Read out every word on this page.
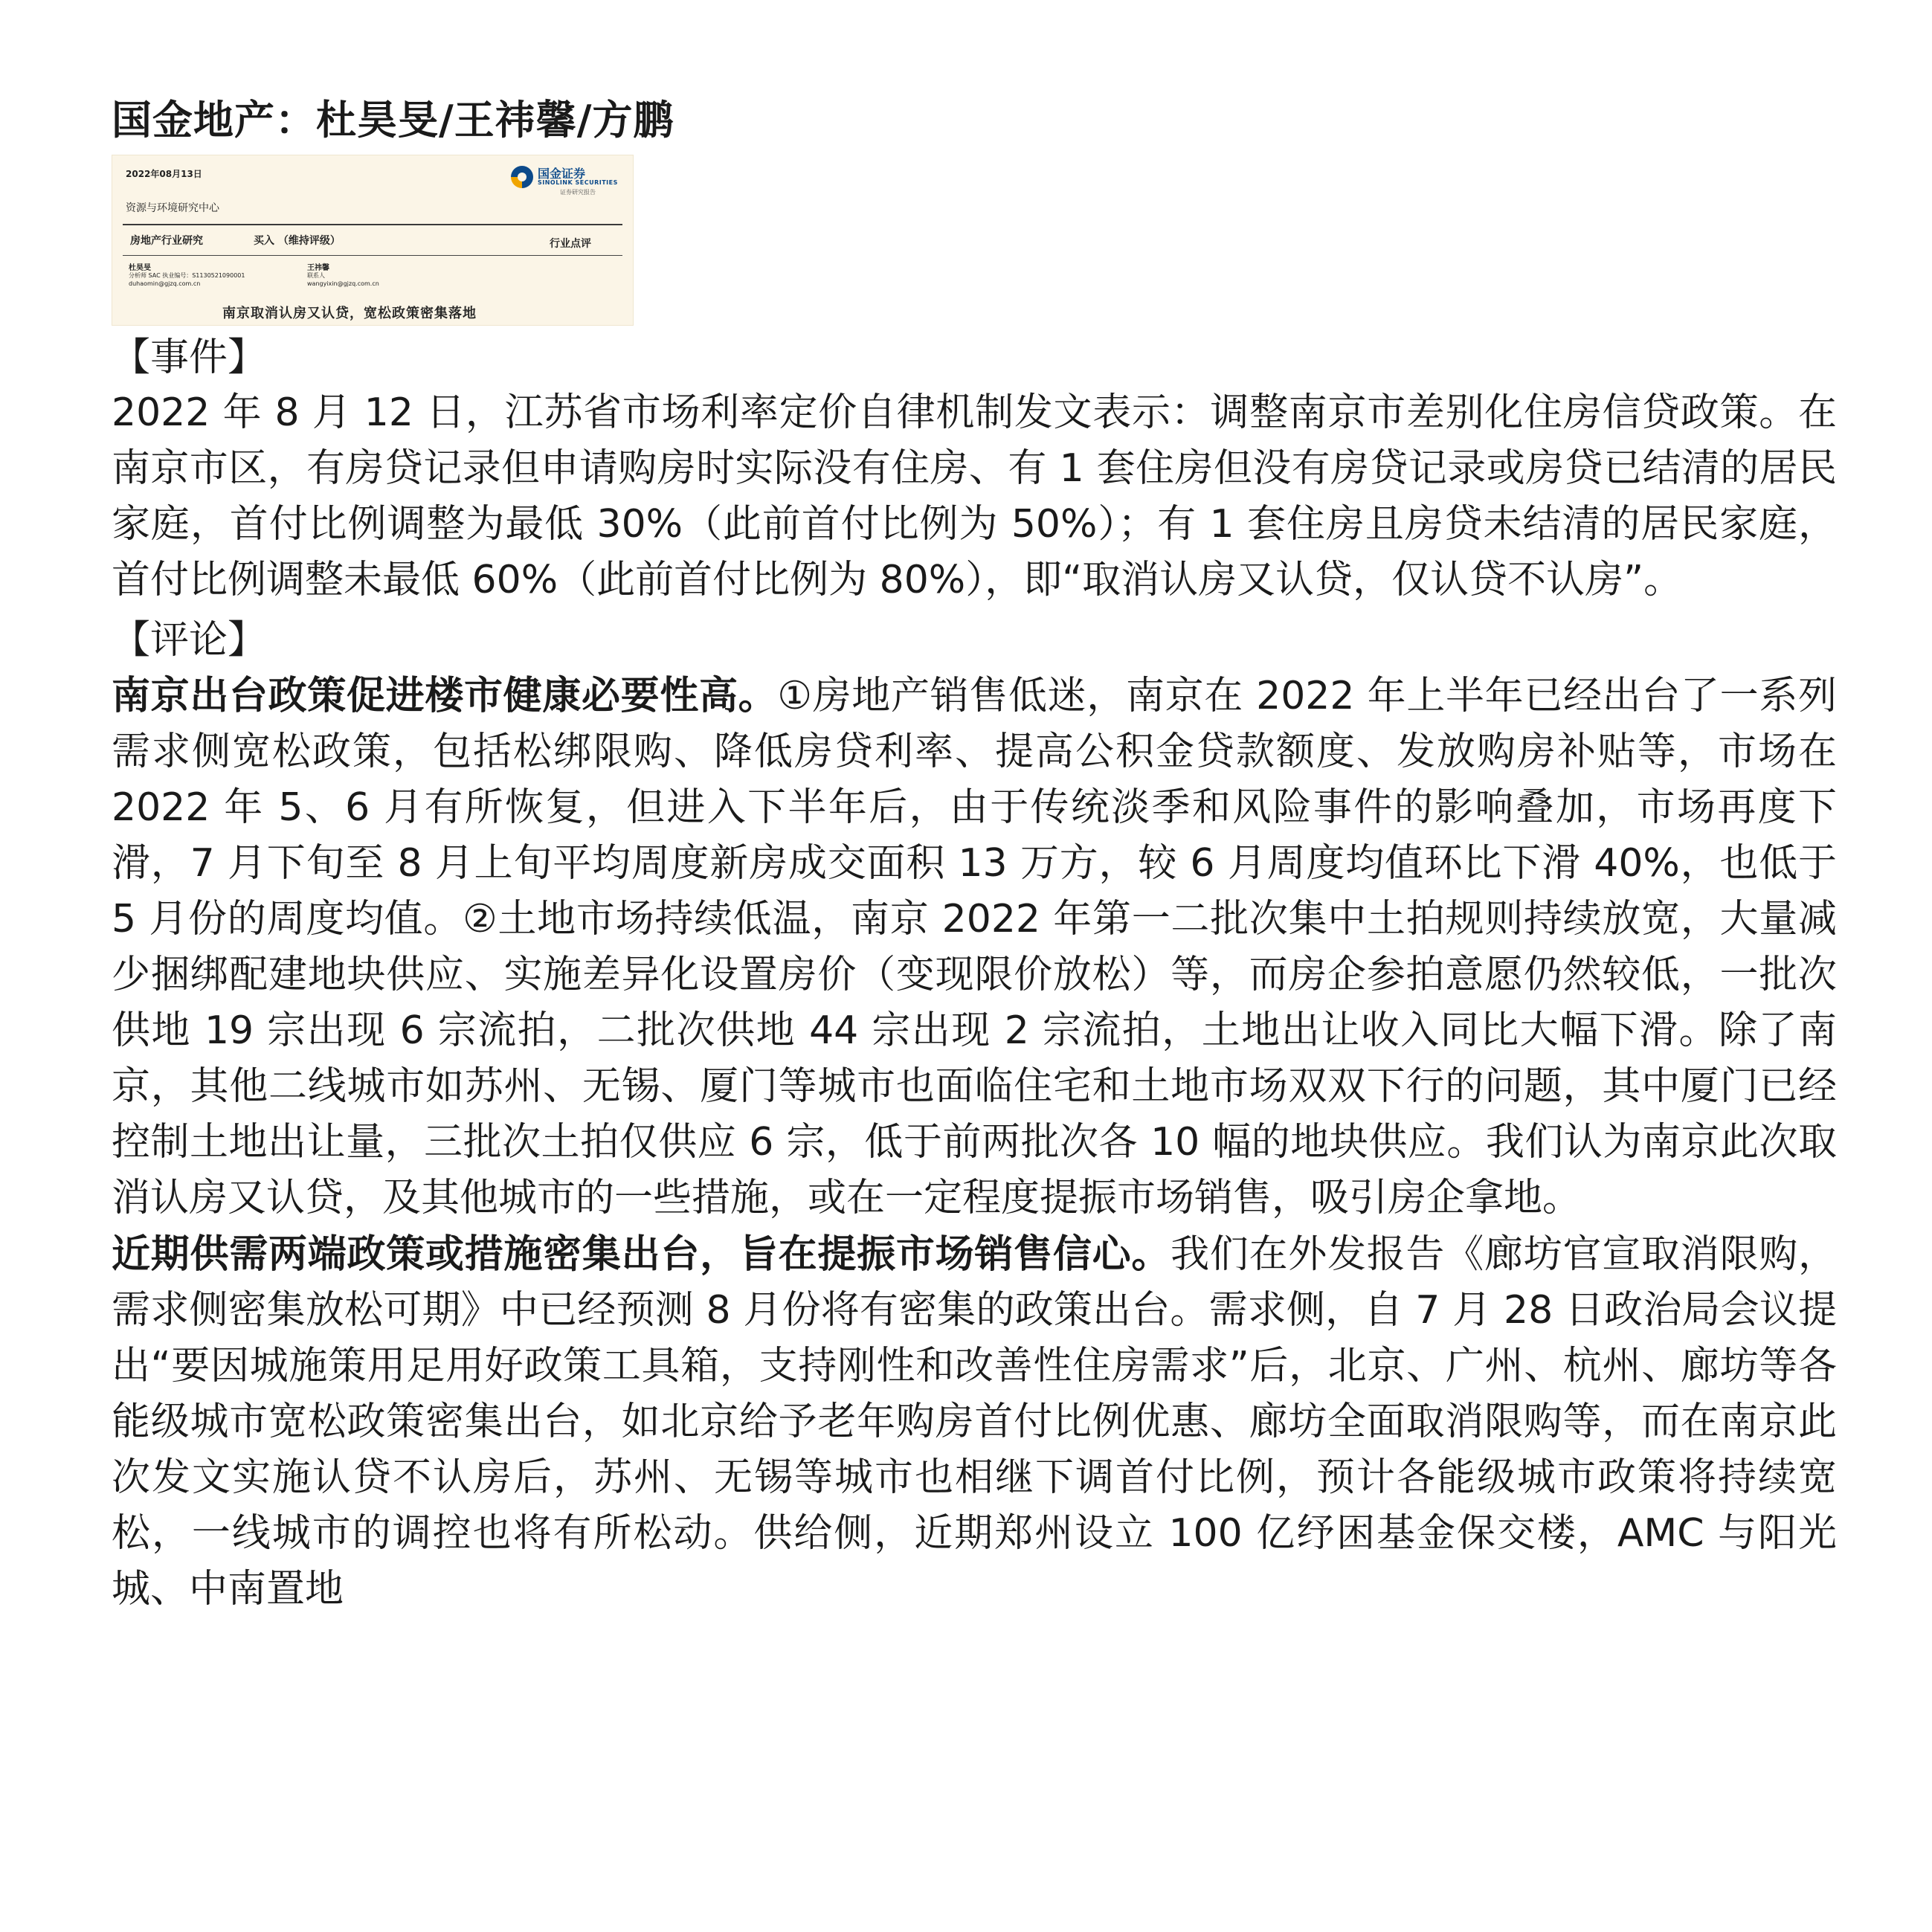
国金地产：杜昊旻/王祎馨/方鹏
2022年08月13日
资源与环境研究中心
国金证券
SINOLINK SECURITIES
证券研究报告
房地产行业研究	买入 （维持评级）	行业点评
杜昊旻
分析师 SAC 执业编号：S1130521090001
duhaomin@gjzq.com.cn
王祎馨
联系人
wangyixin@gjzq.com.cn
南京取消认房又认贷，宽松政策密集落地
【事件】

2022 年 8 月 12 日，江苏省市场利率定价自律机制发文表示：调整南京市差别化住房信贷政策。在南京市区，有房贷记录但申请购房时实际没有住房、有 1 套住房但没有房贷记录或房贷已结清的居民家庭，首付比例调整为最低 30%（此前首付比例为 50%）；有 1 套住房且房贷未结清的居民家庭，首付比例调整未最低 60%（此前首付比例为 80%），即“取消认房又认贷，仅认贷不认房”。

【评论】

南京出台政策促进楼市健康必要性高。①房地产销售低迷，南京在 2022 年上半年已经出台了一系列需求侧宽松政策，包括松绑限购、降低房贷利率、提高公积金贷款额度、发放购房补贴等，市场在 2022 年 5、6 月有所恢复，但进入下半年后，由于传统淡季和风险事件的影响叠加，市场再度下滑，7 月下旬至 8 月上旬平均周度新房成交面积 13 万方，较 6 月周度均值环比下滑 40%，也低于 5 月份的周度均值。②土地市场持续低温，南京 2022 年第一二批次集中土拍规则持续放宽，大量减少捆绑配建地块供应、实施差异化设置房价（变现限价放松）等，而房企参拍意愿仍然较低，一批次供地 19 宗出现 6 宗流拍，二批次供地 44 宗出现 2 宗流拍，土地出让收入同比大幅下滑。除了南京，其他二线城市如苏州、无锡、厦门等城市也面临住宅和土地市场双双下行的问题，其中厦门已经控制土地出让量，三批次土拍仅供应 6 宗，低于前两批次各 10 幅的地块供应。我们认为南京此次取消认房又认贷，及其他城市的一些措施，或在一定程度提振市场销售，吸引房企拿地。

近期供需两端政策或措施密集出台，旨在提振市场销售信心。我们在外发报告《廊坊官宣取消限购，需求侧密集放松可期》中已经预测 8 月份将有密集的政策出台。需求侧，自 7 月 28 日政治局会议提出“要因城施策用足用好政策工具箱，支持刚性和改善性住房需求”后，北京、广州、杭州、廊坊等各能级城市宽松政策密集出台，如北京给予老年购房首付比例优惠、廊坊全面取消限购等，而在南京此次发文实施认贷不认房后，苏州、无锡等城市也相继下调首付比例，预计各能级城市政策将持续宽松，一线城市的调控也将有所松动。供给侧，近期郑州设立 100 亿纾困基金保交楼，AMC 与阳光城、中南置地
